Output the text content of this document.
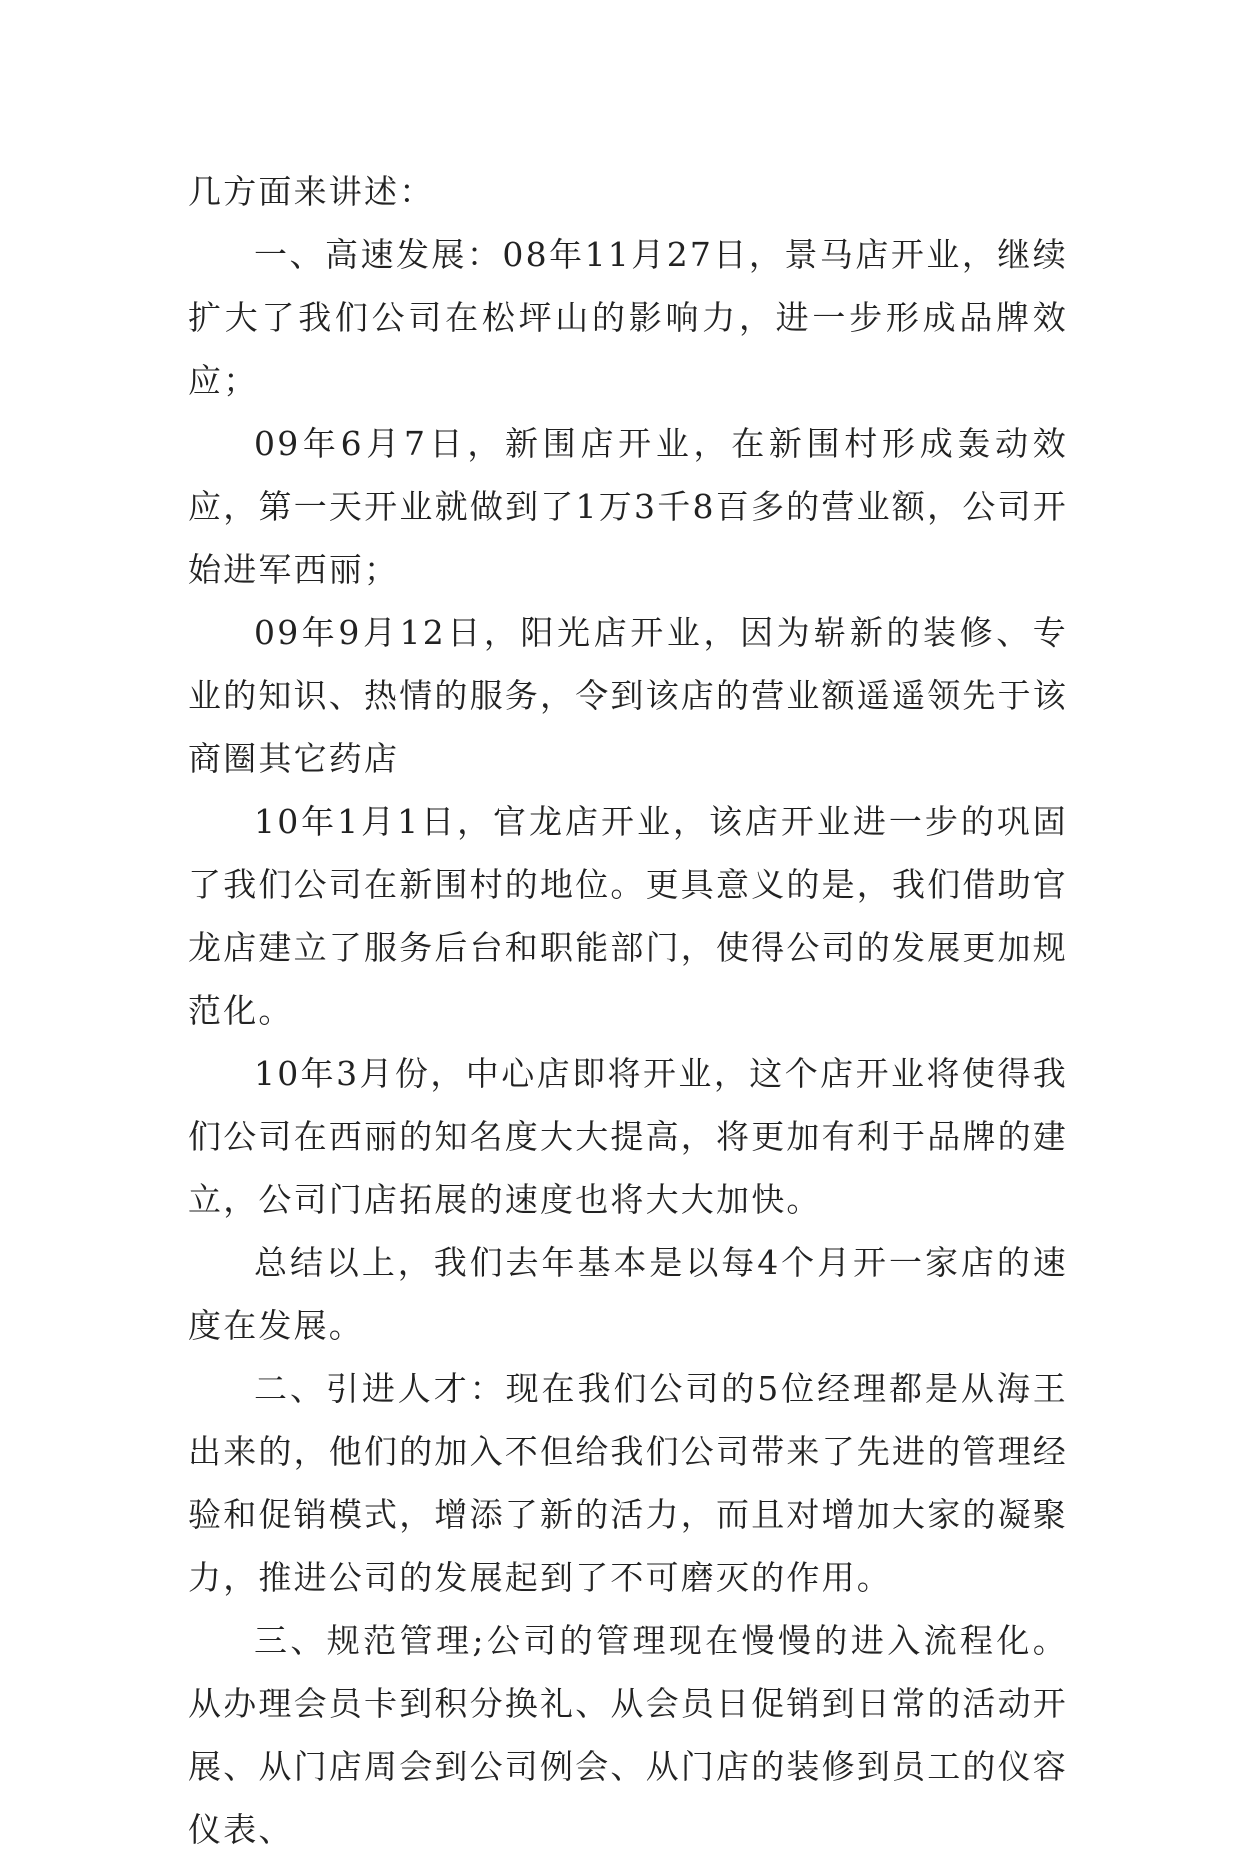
几方面来讲述：

一、高速发展：08年11月27日，景马店开业，继续扩大了我们公司在松坪山的影响力，进一步形成品牌效应；

09年6月7日，新围店开业，在新围村形成轰动效应，第一天开业就做到了1万3千8百多的营业额，公司开始进军西丽；

09年9月12日，阳光店开业，因为崭新的装修、专业的知识、热情的服务，令到该店的营业额遥遥领先于该商圈其它药店

10年1月1日，官龙店开业，该店开业进一步的巩固了我们公司在新围村的地位。更具意义的是，我们借助官龙店建立了服务后台和职能部门，使得公司的发展更加规范化。

10年3月份，中心店即将开业，这个店开业将使得我们公司在西丽的知名度大大提高，将更加有利于品牌的建立，公司门店拓展的速度也将大大加快。

总结以上，我们去年基本是以每4个月开一家店的速度在发展。

二、引进人才：现在我们公司的5位经理都是从海王出来的，他们的加入不但给我们公司带来了先进的管理经验和促销模式，增添了新的活力，而且对增加大家的凝聚力，推进公司的发展起到了不可磨灭的作用。

三、规范管理;公司的管理现在慢慢的进入流程化。从办理会员卡到积分换礼、从会员日促销到日常的活动开展、从门店周会到公司例会、从门店的装修到员工的仪容仪表、
